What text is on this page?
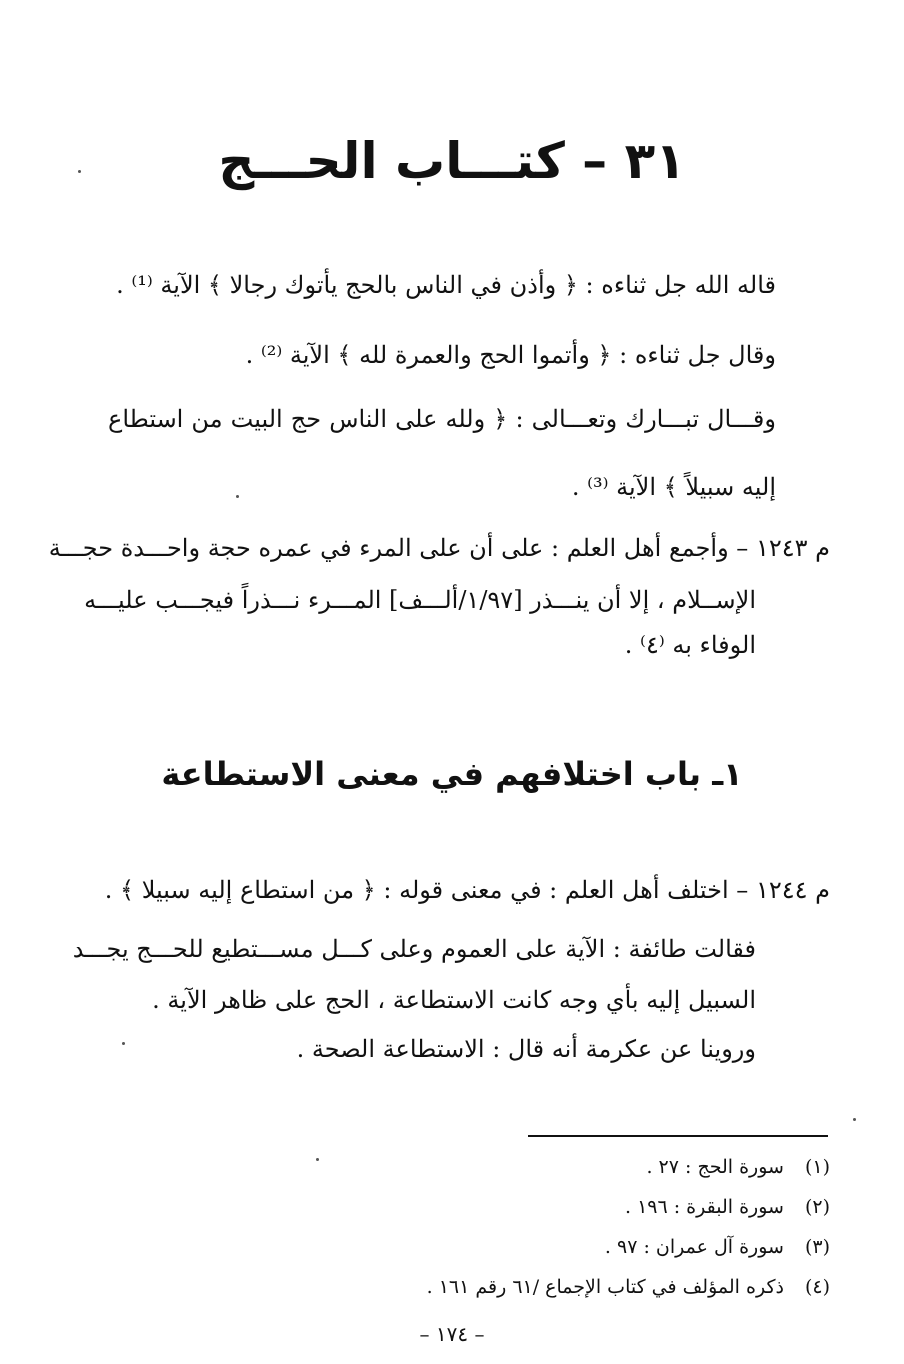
٣١ – كتـــاب الحـــج
قاله الله جل ثناءه : ﴿ وأذن في الناس بالحج يأتوك رجالا ﴾ الآية ⁽¹⁾ .
وقال جل ثناءه : ﴿ وأتموا الحج والعمرة لله ﴾ الآية ⁽²⁾ .
وقـــال تبـــارك وتعـــالى : ﴿ ولله على الناس حج البيت من استطاع
إليه سبيلاً ﴾ الآية ⁽³⁾ .
م ١٢٤٣ – وأجمع أهل العلم : على أن على المرء في عمره حجة واحـــدة حجـــة
الإســلام ، إلا أن ينـــذر [١/٩٧/ألـــف] المـــرء نـــذراً فيجـــب عليـــه
الوفاء به ⁽٤⁾ .
١ـ باب اختلافهم في معنى الاستطاعة
م ١٢٤٤ – اختلف أهل العلم : في معنى قوله : ﴿ من استطاع إليه سبيلا ﴾ .
فقالت طائفة : الآية على العموم وعلى كـــل مســـتطيع للحـــج يجـــد
السبيل إليه بأي وجه كانت الاستطاعة ، الحج على ظاهر الآية .
وروينا عن عكرمة أنه قال : الاستطاعة الصحة .
(١) سورة الحج : ٢٧ .
(٢) سورة البقرة : ١٩٦ .
(٣) سورة آل عمران : ٩٧ .
(٤) ذكره المؤلف في كتاب الإجماع /٦١ رقم ١٦١ .
– ١٧٤ –
